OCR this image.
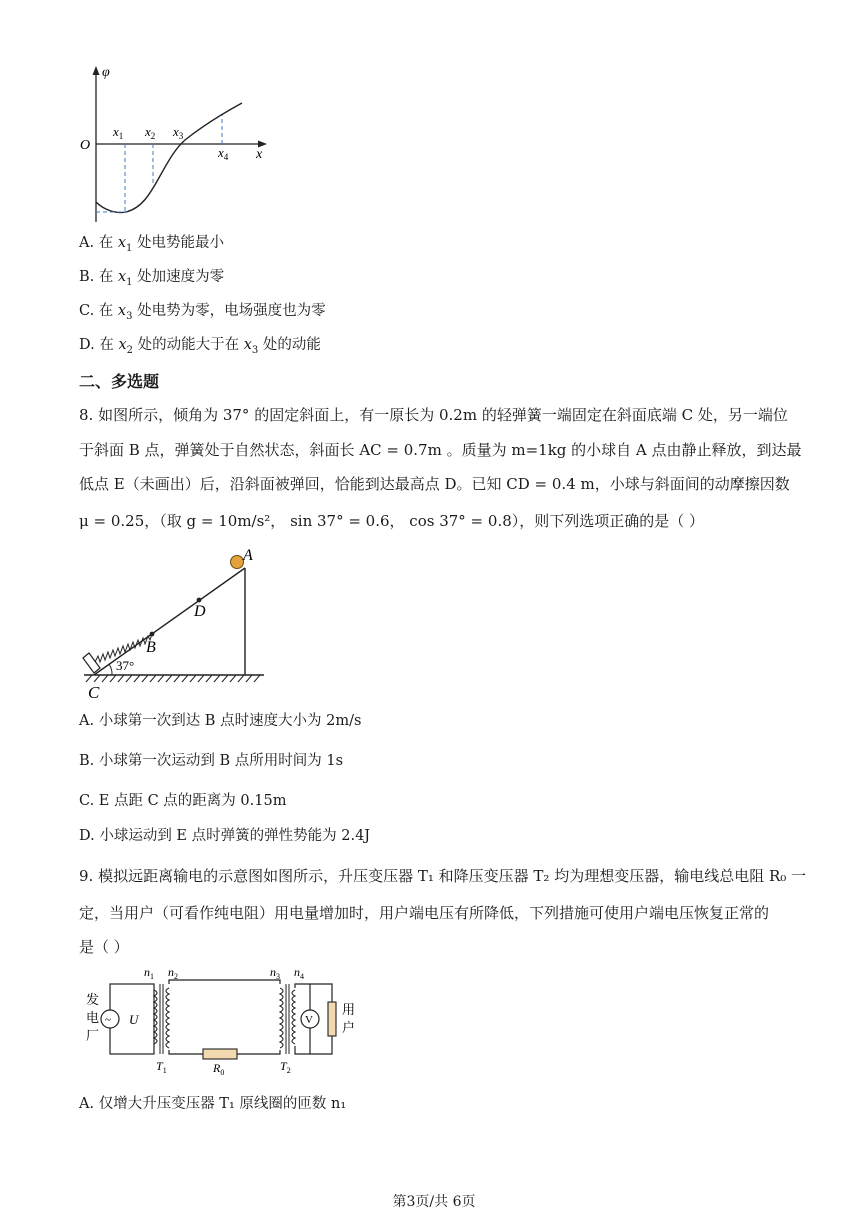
φ
O
x
$x_1$ $x_2$ $x_3$
$x_4$
A. 在 $x_1$ 处电势能最小
B. 在 $x_1$ 处加速度为零
C. 在 $x_3$ 处电势为零，电场强度也为零
D. 在 $x_2$ 处的动能大于在 $x_3$ 处的动能
二、多选题
8. 如图所示，倾角为 37° 的固定斜面上，有一原长为 0.2m 的轻弹簧一端固定在斜面底端 C 处，另一端位
于斜面 B 点，弹簧处于自然状态，斜面长 AC = 0.7m 。质量为 m=1kg 的小球自 A 点由静止释放，到达最
低点 E（未画出）后，沿斜面被弹回，恰能到达最高点 D。已知 CD = 0.4 m，小球与斜面间的动摩擦因数
μ = 0.25，（取 g = 10m/s²， sin 37° = 0.6， cos 37° = 0.8），则下列选项正确的是（ ）
A
D
B
C
37°
A. 小球第一次到达 B 点时速度大小为 2m/s
B. 小球第一次运动到 B 点所用时间为 1s
C. E 点距 C 点的距离为 0.15m
D. 小球运动到 E 点时弹簧的弹性势能为 2.4J
9. 模拟远距离输电的示意图如图所示，升压变压器 T₁ 和降压变压器 T₂ 均为理想变压器，输电线总电阻 R₀ 一
定，当用户（可看作纯电阻）用电量增加时，用户端电压有所降低，下列措施可使用户端电压恢复正常的
是（ ）
发
电
厂
~ U	V
用
户
$n_1$ $n_2$	$n_3$ $n_4$
$T_1$	$R_0$	$T_2$
A. 仅增大升压变压器 T₁ 原线圈的匝数 n₁
第3页/共 6页
